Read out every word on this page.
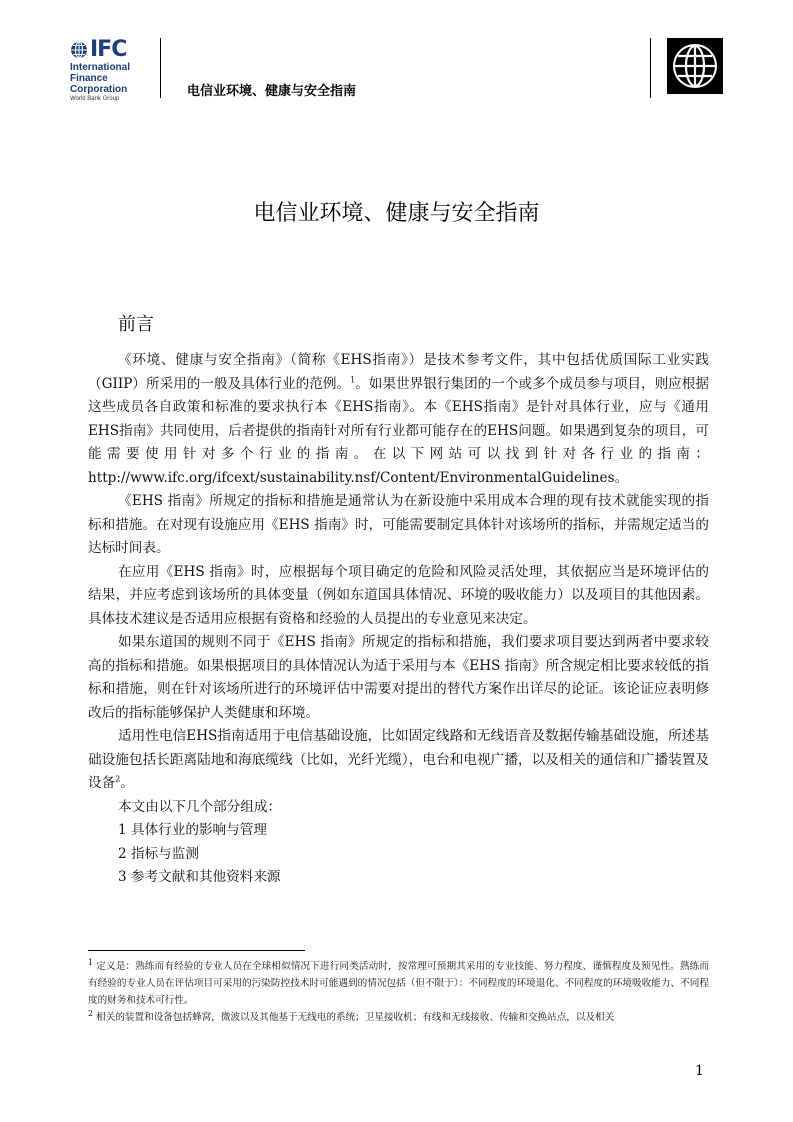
IFC
International
Finance
Corporation
World Bank Group	电信业环境、健康与安全指南
电信业环境、健康与安全指南
前言

《环境、健康与安全指南》（简称《EHS指南》）是技术参考文件，其中包括优质国际工业实践（GIIP）所采用的一般及具体行业的范例。$^1$。如果世界银行集团的一个或多个成员参与项目，则应根据这些成员各自政策和标准的要求执行本《EHS指南》。本《EHS指南》是针对具体行业，应与《通用EHS指南》共同使用，后者提供的指南针对所有行业都可能存在的EHS问题。如果遇到复杂的项目，可能需要使用针对多个行业的指南。在以下网站可以找到针对各行业的指南：http://www.ifc.org/ifcext/sustainability.nsf/Content/EnvironmentalGuidelines。

《EHS 指南》所规定的指标和措施是通常认为在新设施中采用成本合理的现有技术就能实现的指标和措施。在对现有设施应用《EHS 指南》时，可能需要制定具体针对该场所的指标，并需规定适当的达标时间表。

在应用《EHS 指南》时，应根据每个项目确定的危险和风险灵活处理，其依据应当是环境评估的结果，并应考虑到该场所的具体变量（例如东道国具体情况、环境的吸收能力）以及项目的其他因素。具体技术建议是否适用应根据有资格和经验的人员提出的专业意见来决定。

如果东道国的规则不同于《EHS 指南》所规定的指标和措施，我们要求项目要达到两者中要求较高的指标和措施。如果根据项目的具体情况认为适于采用与本《EHS 指南》所含规定相比要求较低的指标和措施，则在针对该场所进行的环境评估中需要对提出的替代方案作出详尽的论证。该论证应表明修改后的指标能够保护人类健康和环境。

适用性电信EHS指南适用于电信基础设施，比如固定线路和无线语音及数据传输基础设施，所述基础设施包括长距离陆地和海底缆线（比如，光纤光缆），电台和电视广播，以及相关的通信和广播装置及设备$^2$。

本文由以下几个部分组成：

1 具体行业的影响与管理

2 指标与监测

3 参考文献和其他资料来源

$^1$ 定义是：熟练而有经验的专业人员在全球相似情况下进行同类活动时，按常理可预期其采用的专业技能、努力程度、谨慎程度及预见性。熟练而有经验的专业人员在评估项目可采用的污染防控技术时可能遇到的情况包括（但不限于）：不同程度的环境退化、不同程度的环境吸收能力、不同程度的财务和技术可行性。

$^2$ 相关的装置和设备包括蜂窝，微波以及其他基于无线电的系统；卫星接收机；有线和无线接收、传输和交换站点，以及相关

1
